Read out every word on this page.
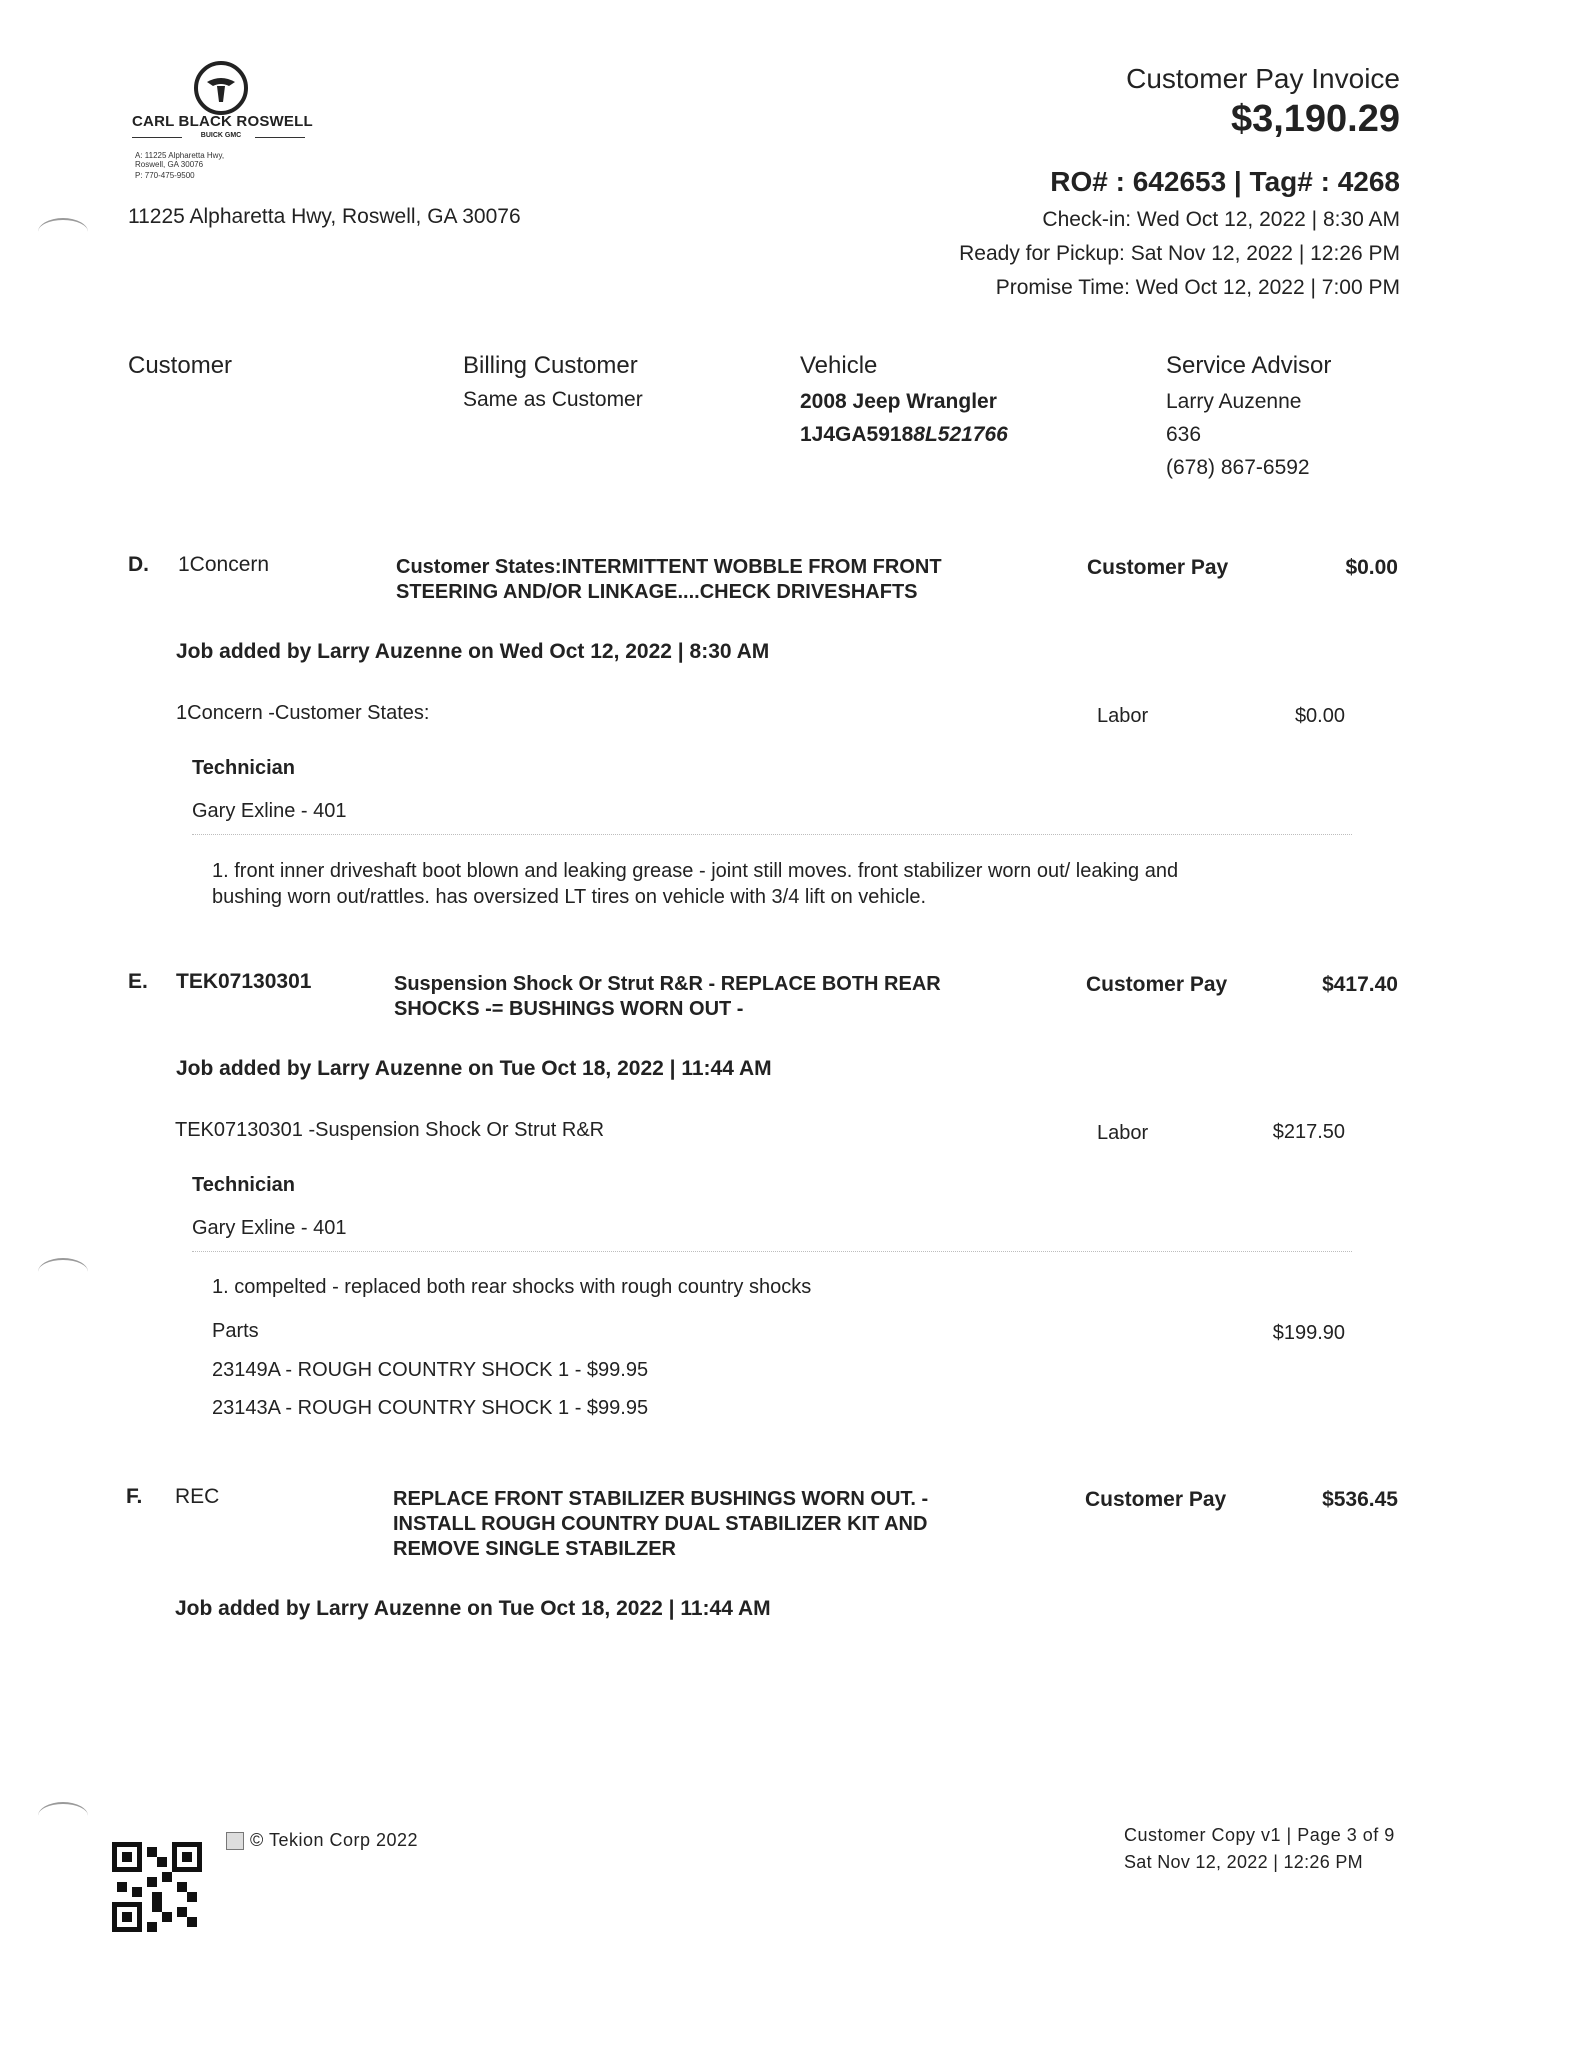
CARL BLACK ROSWELL
BUICK GMC
A: 11225 Alpharetta Hwy,
Roswell, GA 30076
P: 770-475-9500
11225 Alpharetta Hwy, Roswell, GA 30076
Customer Pay Invoice
$3,190.29
RO# : 642653 | Tag# : 4268
Check-in: Wed Oct 12, 2022 | 8:30 AM
Ready for Pickup: Sat Nov 12, 2022 | 12:26 PM
Promise Time: Wed Oct 12, 2022 | 7:00 PM
Customer	Billing Customer
Same as Customer
Vehicle
2008 Jeep Wrangler
1J4GA59188L521766
Service Advisor
Larry Auzenne
636
(678) 867-6592
D. 1Concern	Customer States:INTERMITTENT WOBBLE FROM FRONT
STEERING AND/OR LINKAGE....CHECK DRIVESHAFTS
Customer Pay	$0.00
Job added by Larry Auzenne on Wed Oct 12, 2022 | 8:30 AM
1Concern -Customer States:	Labor	$0.00
Technician
Gary Exline - 401
1. front inner driveshaft boot blown and leaking grease - joint still moves. front stabilizer worn out/ leaking and
bushing worn out/rattles. has oversized LT tires on vehicle with 3/4 lift on vehicle.
E. TEK07130301	Suspension Shock Or Strut R&R - REPLACE BOTH REAR
SHOCKS -= BUSHINGS WORN OUT -
Customer Pay	$417.40
Job added by Larry Auzenne on Tue Oct 18, 2022 | 11:44 AM
TEK07130301 -Suspension Shock Or Strut R&R	Labor	$217.50
Technician
Gary Exline - 401
1. compelted - replaced both rear shocks with rough country shocks
Parts	$199.90
23149A - ROUGH COUNTRY SHOCK 1 - $99.95
23143A - ROUGH COUNTRY SHOCK 1 - $99.95
F. REC	REPLACE FRONT STABILIZER BUSHINGS WORN OUT. -
INSTALL ROUGH COUNTRY DUAL STABILIZER KIT AND
REMOVE SINGLE STABILZER
Customer Pay	$536.45
Job added by Larry Auzenne on Tue Oct 18, 2022 | 11:44 AM
© Tekion Corp 2022	Customer Copy v1 | Page 3 of 9
Sat Nov 12, 2022 | 12:26 PM
